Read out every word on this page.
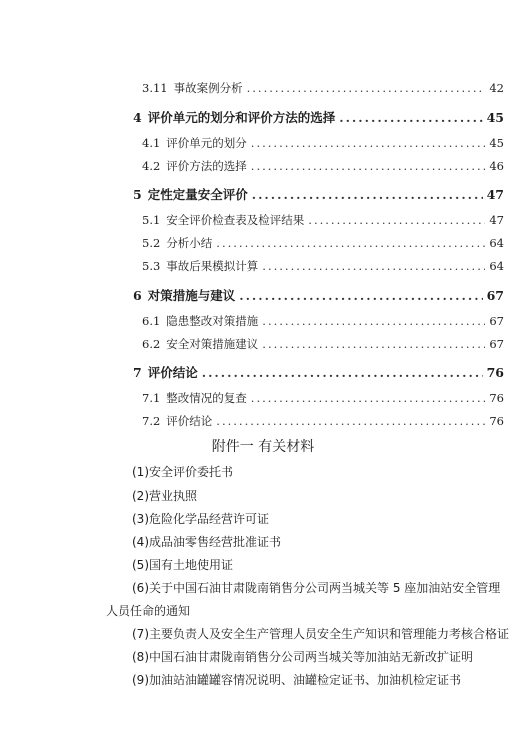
3.11 事故案例分析 .....	42
4 评价单元的划分和评价方法的选择 .....	45
4.1 评价单元的划分 .....	45
4.2 评价方法的选择 .....	46
5 定性定量安全评价 .....	47
5.1 安全评价检查表及检评结果 .....	47
5.2 分析小结 .....	64
5.3 事故后果模拟计算 .....	64
6 对策措施与建议 .....	67
6.1 隐患整改对策措施 .....	67
6.2 安全对策措施建议 .....	67
7 评价结论 .....	76
7.1 整改情况的复查 .....	76
7.2 评价结论 .....	76
附件一 有关材料
(1)安全评价委托书
(2)营业执照
(3)危险化学品经营许可证
(4)成品油零售经营批准证书
(5)国有土地使用证
(6)关于中国石油甘肃陇南销售分公司两当城关等 5 座加油站安全管理
人员任命的通知
(7)主要负责人及安全生产管理人员安全生产知识和管理能力考核合格证
(8)中国石油甘肃陇南销售分公司两当城关等加油站无新改扩证明
(9)加油站油罐罐容情况说明、油罐检定证书、加油机检定证书
